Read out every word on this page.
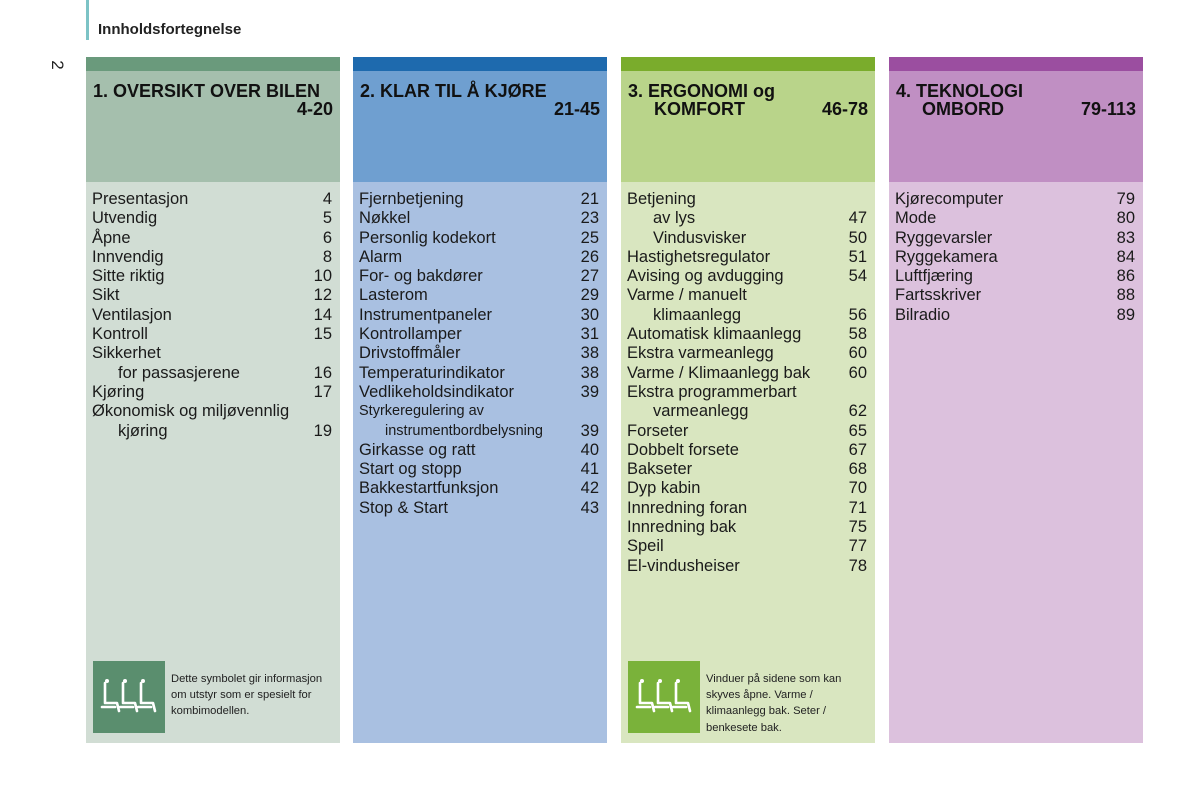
Innholdsfortegnelse
2
1. OVERSIKT OVER BILEN
4-20
Presentasjon	4
Utvendig	5
Åpne	6
Innvendig	8
Sitte riktig	10
Sikt	12
Ventilasjon	14
Kontroll	15
Sikkerhet
for passasjerene	16
Kjøring	17
Økonomisk og miljøvennlig
kjøring	19
Dette symbolet gir informasjon om utstyr som er spesielt for kombimodellen.
2. KLAR TIL Å KJØRE
21-45
Fjernbetjening	21
Nøkkel	23
Personlig kodekort	25
Alarm	26
For- og bakdører	27
Lasterom	29
Instrumentpaneler	30
Kontrollamper	31
Drivstoffmåler	38
Temperaturindikator	38
Vedlikeholdsindikator	39
Styrkeregulering av
instrumentbordbelysning 39
Girkasse og ratt	40
Start og stopp	41
Bakkestartfunksjon	42
Stop & Start	43
3. ERGONOMI og
KOMFORT	46-78
Betjening
av lys	47
Vindusvisker	50
Hastighetsregulator	51
Avising og avdugging	54
Varme / manuelt
klimaanlegg	56
Automatisk klimaanlegg	58
Ekstra varmeanlegg	60
Varme / Klimaanlegg bak 60
Ekstra programmerbart
varmeanlegg	62
Forseter	65
Dobbelt forsete	67
Bakseter	68
Dyp kabin	70
Innredning foran	71
Innredning bak	75
Speil	77
El-vindusheiser	78
Vinduer på sidene som kan skyves åpne. Varme / klimaanlegg bak. Seter / benkesete bak.
4. TEKNOLOGI
OMBORD	79-113
Kjørecomputer	79
Mode	80
Ryggevarsler	83
Ryggekamera	84
Luftfjæring	86
Fartsskriver	88
Bilradio	89
